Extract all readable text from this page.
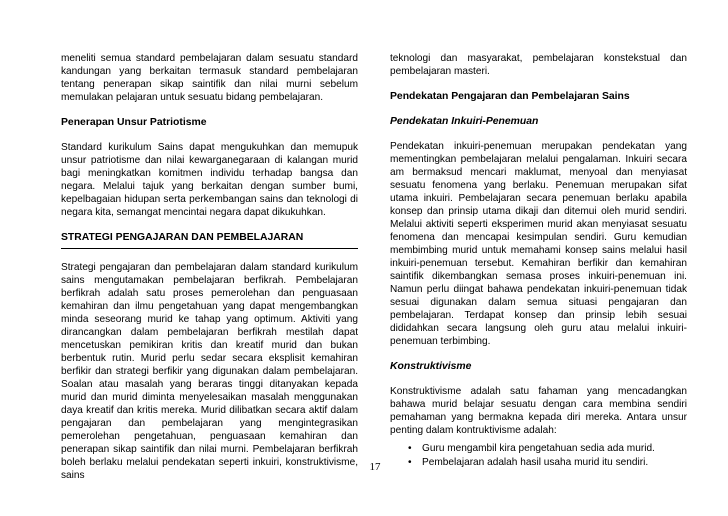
meneliti semua standard pembelajaran dalam sesuatu standard kandungan yang berkaitan termasuk standard pembelajaran tentang penerapan sikap saintifik dan nilai murni sebelum memulakan pelajaran untuk sesuatu bidang pembelajaran.

Penerapan Unsur Patriotisme

Standard kurikulum Sains dapat mengukuhkan dan memupuk unsur patriotisme dan nilai kewarganegaraan di kalangan murid bagi meningkatkan komitmen individu terhadap bangsa dan negara. Melalui tajuk yang berkaitan dengan sumber bumi, kepelbagaian hidupan serta perkembangan sains dan teknologi di negara kita, semangat mencintai negara dapat dikukuhkan.

STRATEGI PENGAJARAN DAN PEMBELAJARAN

Strategi pengajaran dan pembelajaran dalam standard kurikulum sains mengutamakan pembelajaran berfikrah. Pembelajaran berfikrah adalah satu proses pemerolehan dan penguasaan kemahiran dan ilmu pengetahuan yang dapat mengembangkan minda seseorang murid ke tahap yang optimum. Aktiviti yang dirancangkan dalam pembelajaran berfikrah mestilah dapat mencetuskan pemikiran kritis dan kreatif murid dan bukan berbentuk rutin. Murid perlu sedar secara eksplisit kemahiran berfikir dan strategi berfikir yang digunakan dalam pembelajaran. Soalan atau masalah yang beraras tinggi ditanyakan kepada murid dan murid diminta menyelesaikan masalah menggunakan daya kreatif dan kritis mereka. Murid dilibatkan secara aktif dalam pengajaran dan pembelajaran yang mengintegrasikan pemerolehan pengetahuan, penguasaan kemahiran dan penerapan sikap saintifik dan nilai murni. Pembelajaran berfikrah boleh berlaku melalui pendekatan seperti inkuiri, konstruktivisme, sains

teknologi dan masyarakat, pembelajaran konstekstual dan pembelajaran masteri.

Pendekatan Pengajaran dan Pembelajaran Sains
Pendekatan Inkuiri-Penemuan

Pendekatan inkuiri-penemuan merupakan pendekatan yang mementingkan pembelajaran melalui pengalaman. Inkuiri secara am bermaksud mencari maklumat, menyoal dan menyiasat sesuatu fenomena yang berlaku. Penemuan merupakan sifat utama inkuiri. Pembelajaran secara penemuan berlaku apabila konsep dan prinsip utama dikaji dan ditemui oleh murid sendiri. Melalui aktiviti seperti eksperimen murid akan menyiasat sesuatu fenomena dan mencapai kesimpulan sendiri. Guru kemudian membimbing murid untuk memahami konsep sains melalui hasil inkuiri-penemuan tersebut. Kemahiran berfikir dan kemahiran saintifik dikembangkan semasa proses inkuiri-penemuan ini. Namun perlu diingat bahawa pendekatan inkuiri-penemuan tidak sesuai digunakan dalam semua situasi pengajaran dan pembelajaran. Terdapat konsep dan prinsip lebih sesuai dididahkan secara langsung oleh guru atau melalui inkuiri-penemuan terbimbing.

Konstruktivisme

Konstruktivisme adalah satu fahaman yang mencadangkan bahawa murid belajar sesuatu dengan cara membina sendiri pemahaman yang bermakna kepada diri mereka. Antara unsur penting dalam kontruktivisme adalah:

• Guru mengambil kira pengetahuan sedia ada murid.
• Pembelajaran adalah hasil usaha murid itu sendiri.
17
